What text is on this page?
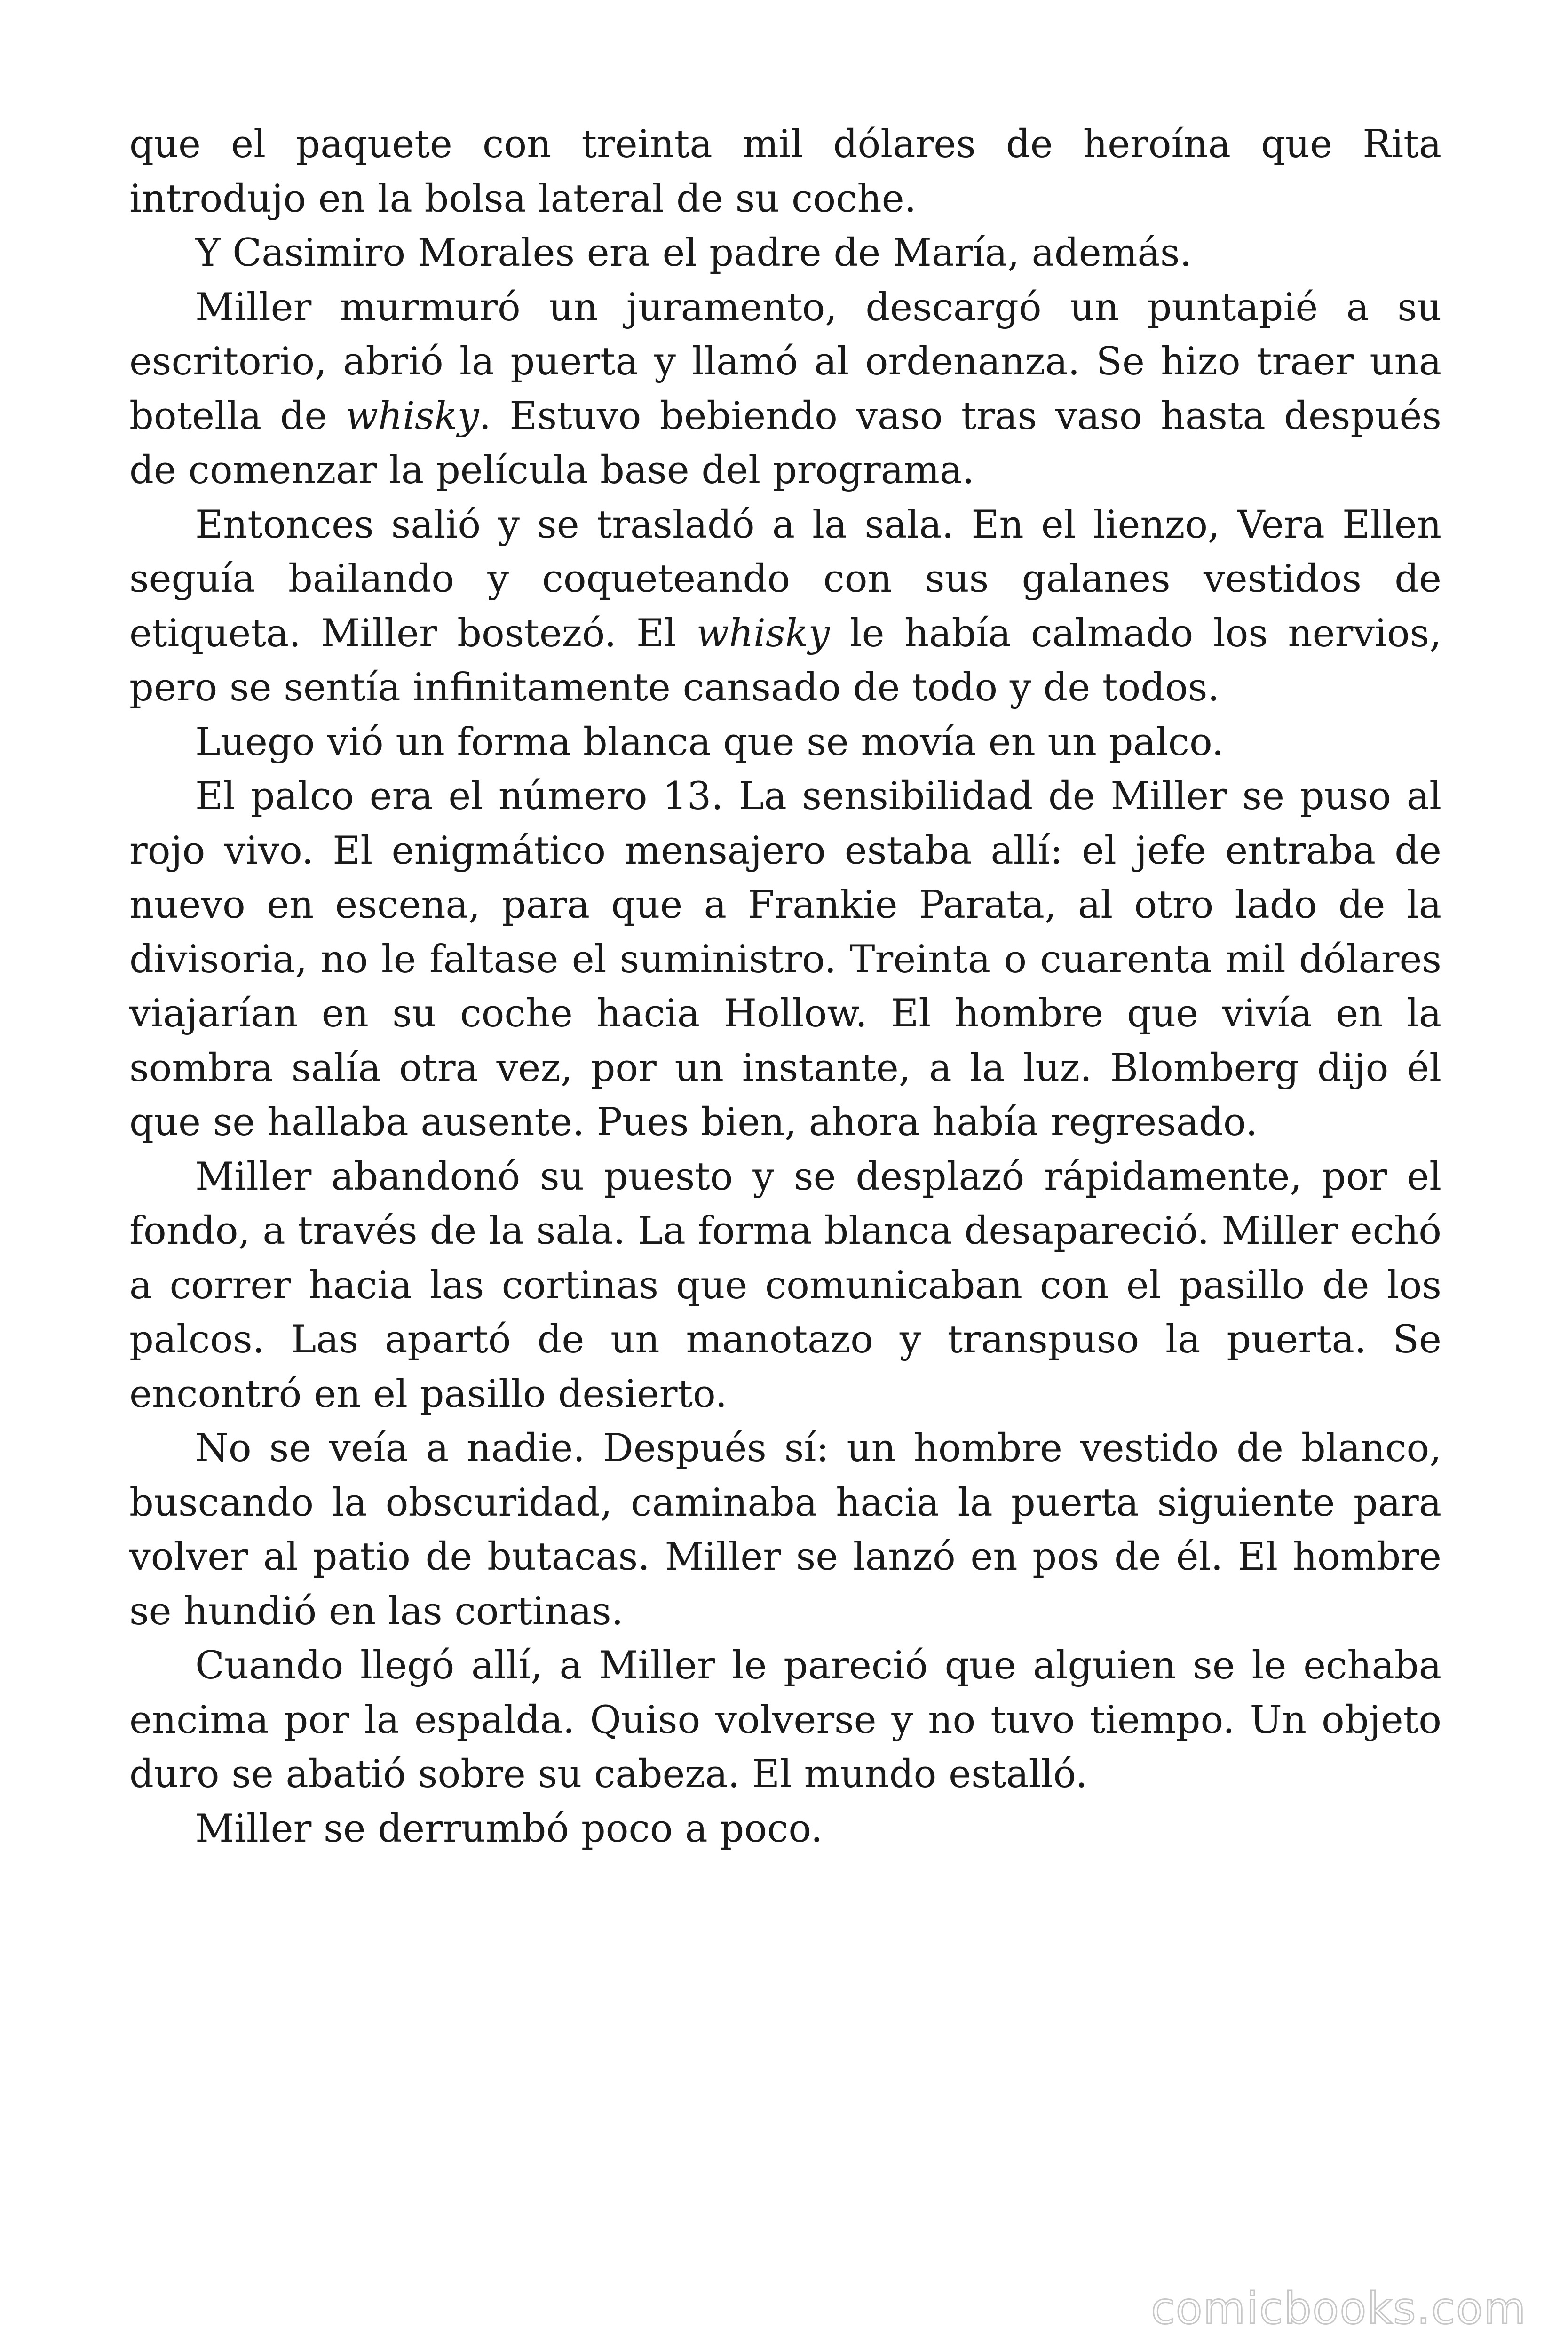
que el paquete con treinta mil dólares de heroína que Rita introdujo en la bolsa lateral de su coche.

Y Casimiro Morales era el padre de María, además.

Miller murmuró un juramento, descargó un puntapié a su escritorio, abrió la puerta y llamó al ordenanza. Se hizo traer una botella de whisky. Estuvo bebiendo vaso tras vaso hasta después de comenzar la película base del programa.

Entonces salió y se trasladó a la sala. En el lienzo, Vera Ellen seguía bailando y coqueteando con sus galanes vestidos de etiqueta. Miller bostezó. El whisky le había calmado los nervios, pero se sentía infinitamente cansado de todo y de todos.

Luego vió un forma blanca que se movía en un palco.

El palco era el número 13. La sensibilidad de Miller se puso al rojo vivo. El enigmático mensajero estaba allí: el jefe entraba de nuevo en escena, para que a Frankie Parata, al otro lado de la divisoria, no le faltase el suministro. Treinta o cuarenta mil dólares viajarían en su coche hacia Hollow. El hombre que vivía en la sombra salía otra vez, por un instante, a la luz. Blomberg dijo él que se hallaba ausente. Pues bien, ahora había regresado.

Miller abandonó su puesto y se desplazó rápidamente, por el fondo, a través de la sala. La forma blanca desapareció. Miller echó a correr hacia las cortinas que comunicaban con el pasillo de los palcos. Las apartó de un manotazo y transpuso la puerta. Se encontró en el pasillo desierto.

No se veía a nadie. Después sí: un hombre vestido de blanco, buscando la obscuridad, caminaba hacia la puerta siguiente para volver al patio de butacas. Miller se lanzó en pos de él. El hombre se hundió en las cortinas.

Cuando llegó allí, a Miller le pareció que alguien se le echaba encima por la espalda. Quiso volverse y no tuvo tiempo. Un objeto duro se abatió sobre su cabeza. El mundo estalló.

Miller se derrumbó poco a poco.

comicbooks.com
